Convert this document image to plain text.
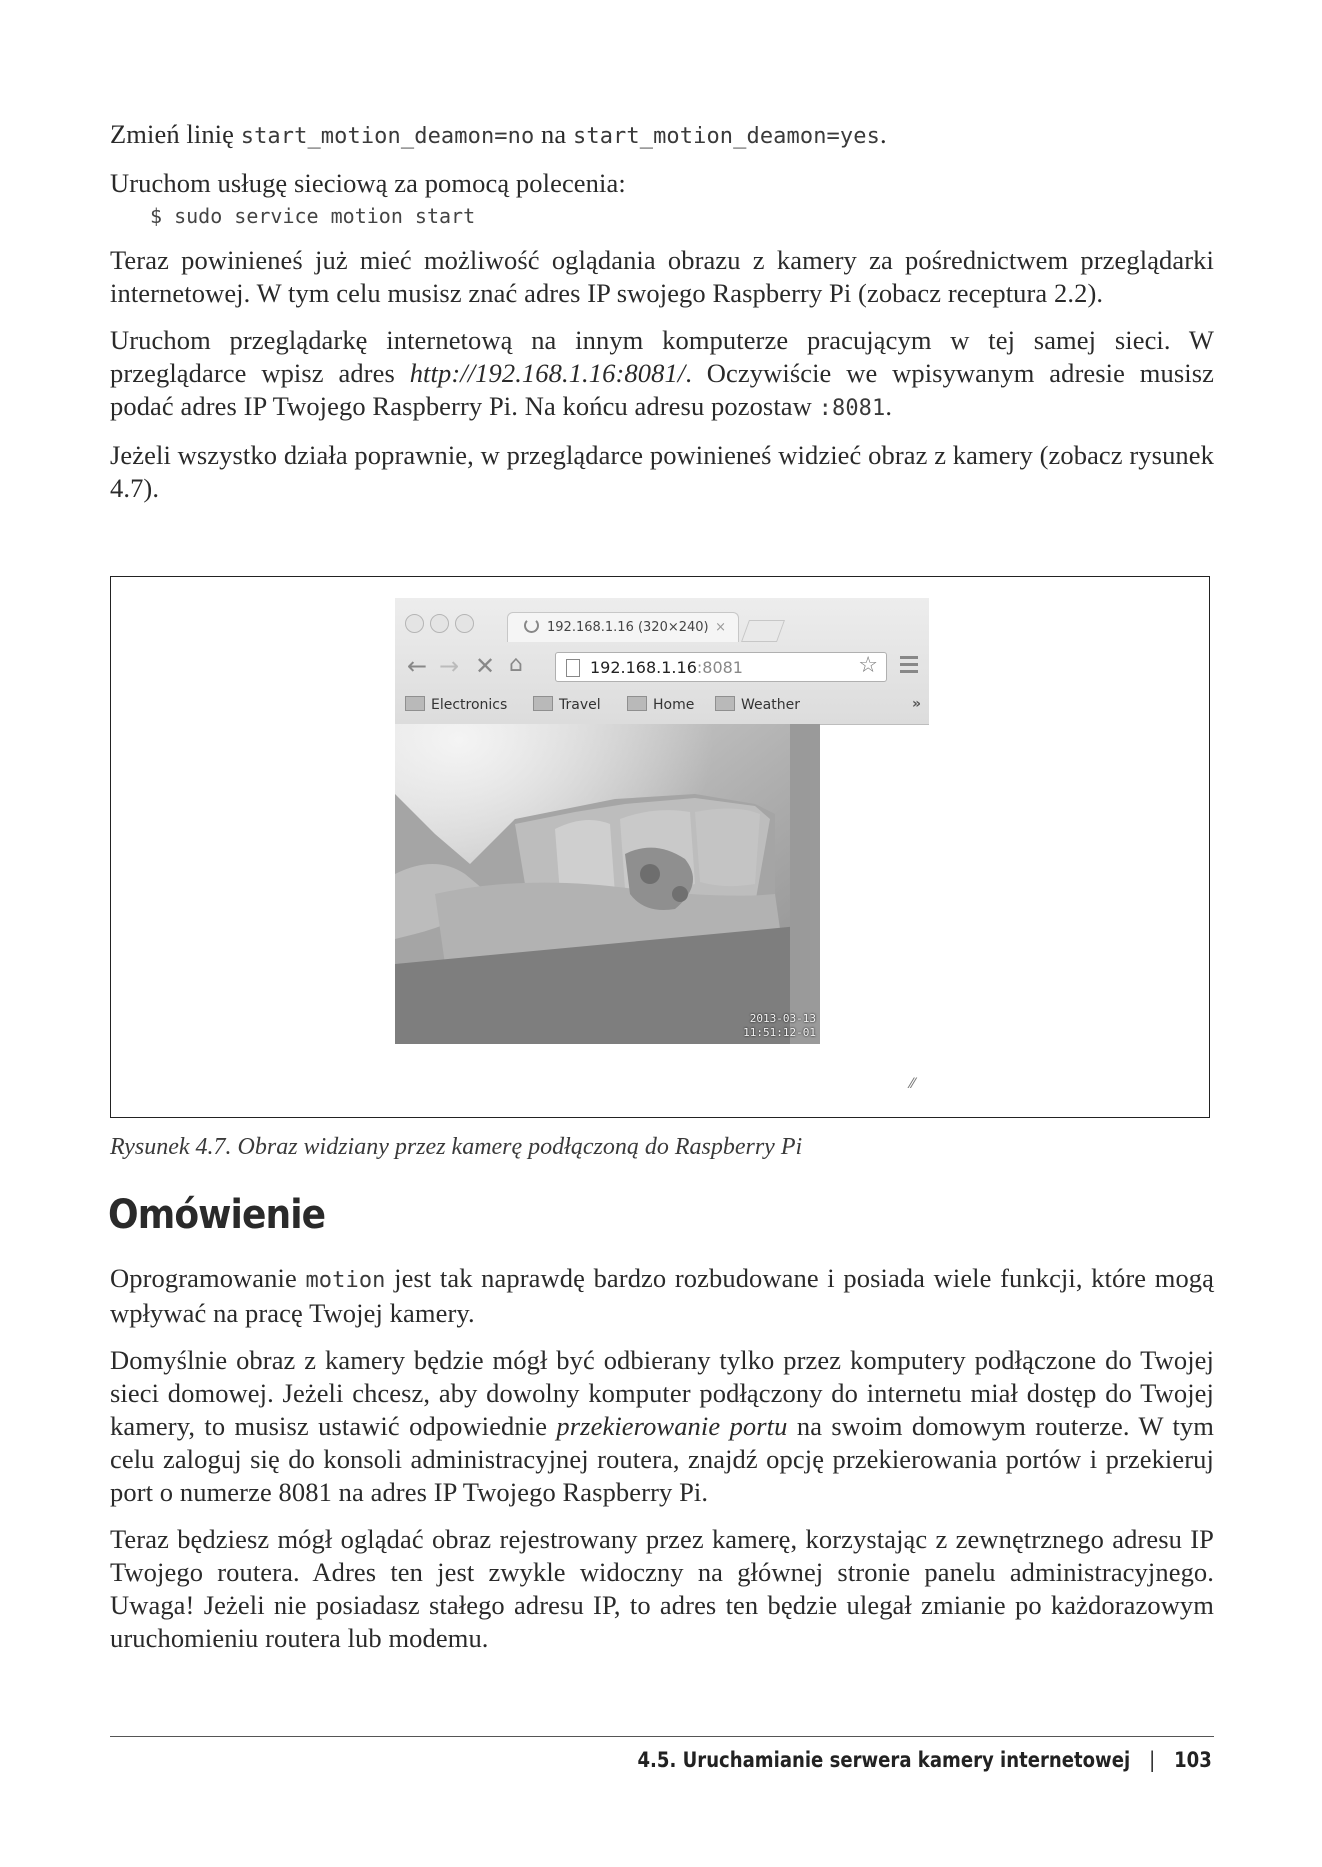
Zmień linię start_motion_deamon=no na start_motion_deamon=yes.

Uruchom usługę sieciową za pomocą polecenia:

$ sudo service motion start

Teraz powinieneś już mieć możliwość oglądania obrazu z kamery za pośrednictwem przeglądarki internetowej. W tym celu musisz znać adres IP swojego Raspberry Pi (zobacz receptura 2.2).

Uruchom przeglądarkę internetową na innym komputerze pracującym w tej samej sieci. W przeglądarce wpisz adres http://192.168.1.16:8081/. Oczywiście we wpisywanym adresie musisz podać adres IP Twojego Raspberry Pi. Na końcu adresu pozostaw :8081.

Jeżeli wszystko działa poprawnie, w przeglądarce powinieneś widzieć obraz z kamery (zobacz rysunek 4.7).

192.168.1.16 (320×240) ×
← → ✕ ⌂	192.168.1.16:8081	☆
Electronics	Travel	Home	Weather	»
2013-03-13
11:51:12-01
⁄⁄
Rysunek 4.7. Obraz widziany przez kamerę podłączoną do Raspberry Pi
Omówienie

Oprogramowanie motion jest tak naprawdę bardzo rozbudowane i posiada wiele funkcji, które mogą wpływać na pracę Twojej kamery.

Domyślnie obraz z kamery będzie mógł być odbierany tylko przez komputery podłączone do Twojej sieci domowej. Jeżeli chcesz, aby dowolny komputer podłączony do internetu miał dostęp do Twojej kamery, to musisz ustawić odpowiednie przekierowanie portu na swoim domowym routerze. W tym celu zaloguj się do konsoli administracyjnej routera, znajdź opcję przekierowania portów i przekieruj port o numerze 8081 na adres IP Twojego Raspberry Pi.

Teraz będziesz mógł oglądać obraz rejestrowany przez kamerę, korzystając z zewnętrznego adresu IP Twojego routera. Adres ten jest zwykle widoczny na głównej stronie panelu administracyjnego. Uwaga! Jeżeli nie posiadasz stałego adresu IP, to adres ten będzie ulegał zmianie po każdorazowym uruchomieniu routera lub modemu.

4.5. Uruchamianie serwera kamery internetowej | 103
